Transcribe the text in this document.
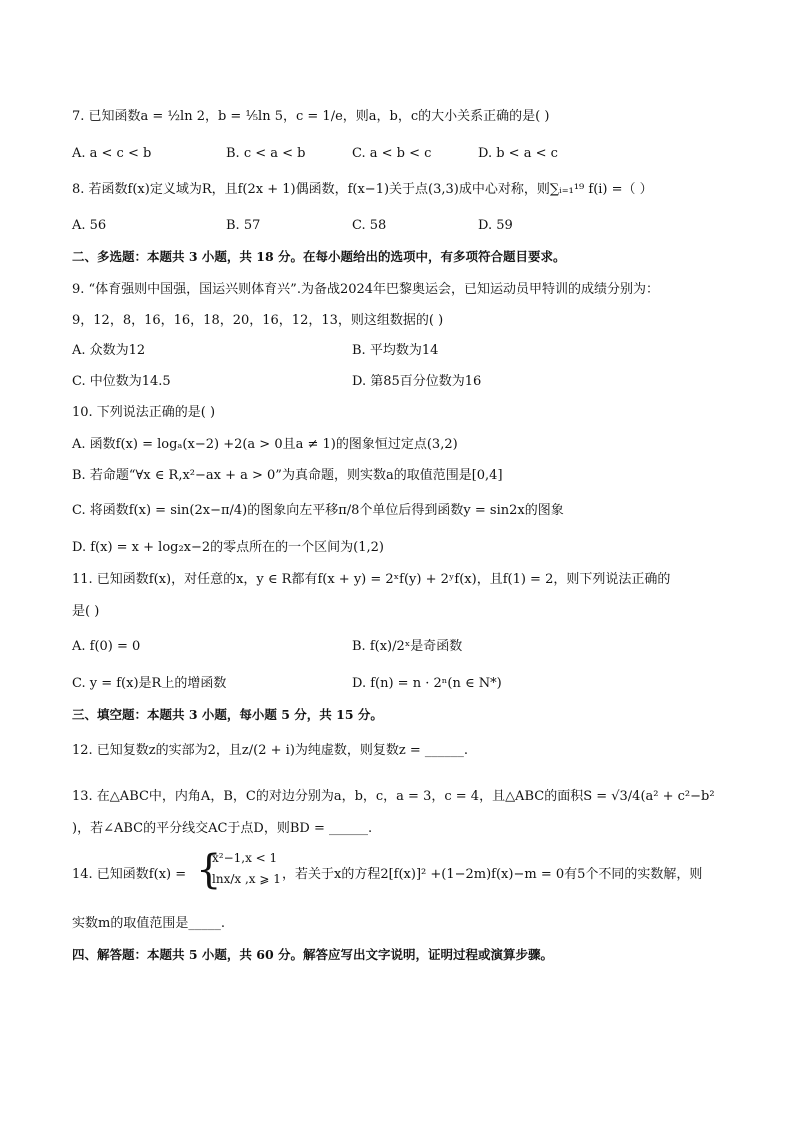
7. 已知函数a = ½ln 2，b = ⅕ln 5，c = 1/e，则a，b，c的大小关系正确的是( )
A. a < c < b	B. c < a < b	C. a < b < c	D. b < a < c
8. 若函数f(x)定义域为R，且f(2x + 1)偶函数，f(x−1)关于点(3,3)成中心对称，则∑ᵢ₌₁¹⁹ f(i) =（ ）
A. 56	B. 57	C. 58	D. 59
二、多选题：本题共 3 小题，共 18 分。在每小题给出的选项中，有多项符合题目要求。
9. “体育强则中国强，国运兴则体育兴”.为备战2024年巴黎奥运会，已知运动员甲特训的成绩分别为：
9，12，8，16，16，18，20，16，12，13，则这组数据的( )
A. 众数为12	B. 平均数为14
C. 中位数为14.5	D. 第85百分位数为16
10. 下列说法正确的是( )
A. 函数f(x) = logₐ(x−2) +2(a > 0且a ≠ 1)的图象恒过定点(3,2)
B. 若命题“∀x ∈ R,x²−ax + a > 0”为真命题，则实数a的取值范围是[0,4]
C. 将函数f(x) = sin(2x−π/4)的图象向左平移π/8个单位后得到函数y = sin2x的图象
D. f(x) = x + log₂x−2的零点所在的一个区间为(1,2)
11. 已知函数f(x)，对任意的x，y ∈ R都有f(x + y) = 2ˣf(y) + 2ʸf(x)，且f(1) = 2，则下列说法正确的
是( )
A. f(0) = 0	B. f(x)/2ˣ是奇函数
C. y = f(x)是R上的增函数	D. f(n) = n · 2ⁿ(n ∈ N*)
三、填空题：本题共 3 小题，每小题 5 分，共 15 分。
12. 已知复数z的实部为2，且z/(2 + i)为纯虚数，则复数z = ______.
13. 在△ABC中，内角A，B，C的对边分别为a，b，c，a = 3，c = 4，且△ABC的面积S = √3/4(a² + c²−b²
)，若∠ABC的平分线交AC于点D，则BD = ______.
14. 已知函数f(x) = {
x²−1,x < 1
lnx/x ,x ⩾ 1 ，若关于x的方程2[f(x)]² +(1−2m)f(x)−m = 0有5个不同的实数解，则
实数m的取值范围是_____.
四、解答题：本题共 5 小题，共 60 分。解答应写出文字说明，证明过程或演算步骤。
